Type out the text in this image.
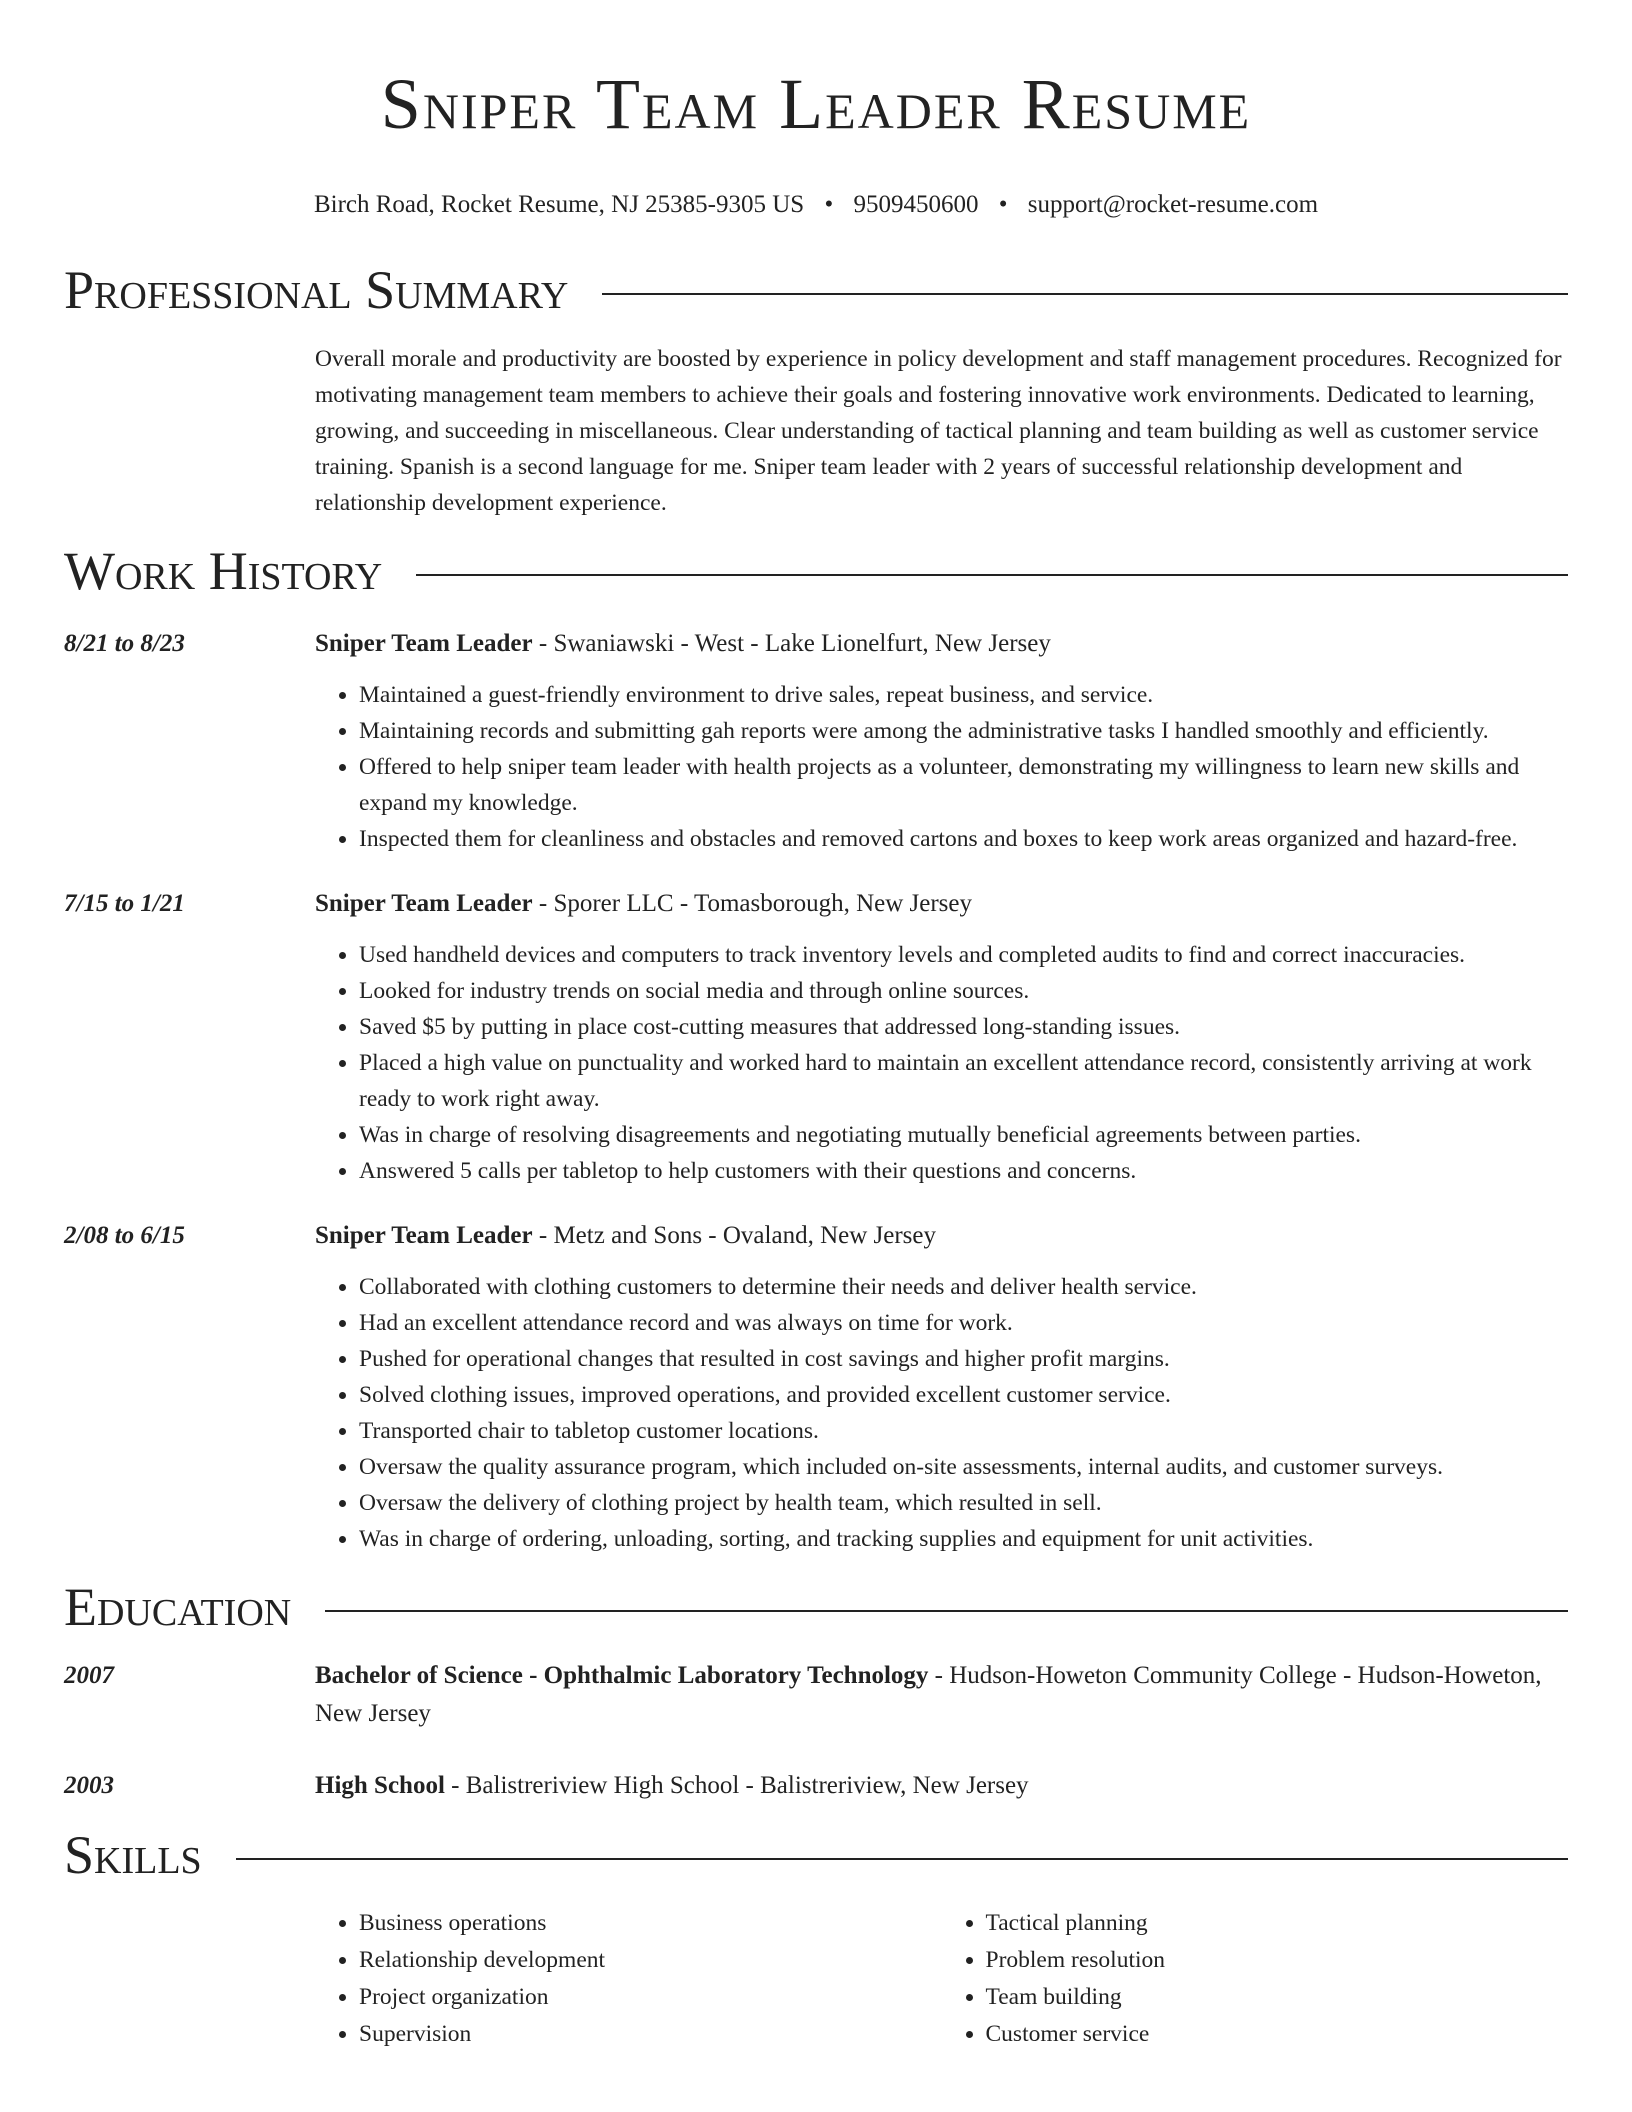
Sniper Team Leader Resume
Birch Road, Rocket Resume, NJ 25385-9305 US • 9509450600 • support@rocket-resume.com
Professional Summary
Overall morale and productivity are boosted by experience in policy development and staff management procedures. Recognized for motivating management team members to achieve their goals and fostering innovative work environments. Dedicated to learning, growing, and succeeding in miscellaneous. Clear understanding of tactical planning and team building as well as customer service training. Spanish is a second language for me. Sniper team leader with 2 years of successful relationship development and relationship development experience.
Work History
8/21 to 8/23	Sniper Team Leader - Swaniawski - West - Lake Lionelfurt, New Jersey
• Maintained a guest-friendly environment to drive sales, repeat business, and service.
• Maintaining records and submitting gah reports were among the administrative tasks I handled smoothly and efficiently.
• Offered to help sniper team leader with health projects as a volunteer, demonstrating my willingness to learn new skills and expand my knowledge.
• Inspected them for cleanliness and obstacles and removed cartons and boxes to keep work areas organized and hazard-free.
7/15 to 1/21	Sniper Team Leader - Sporer LLC - Tomasborough, New Jersey
• Used handheld devices and computers to track inventory levels and completed audits to find and correct inaccuracies.
• Looked for industry trends on social media and through online sources.
• Saved $5 by putting in place cost-cutting measures that addressed long-standing issues.
• Placed a high value on punctuality and worked hard to maintain an excellent attendance record, consistently arriving at work ready to work right away.
• Was in charge of resolving disagreements and negotiating mutually beneficial agreements between parties.
• Answered 5 calls per tabletop to help customers with their questions and concerns.
2/08 to 6/15	Sniper Team Leader - Metz and Sons - Ovaland, New Jersey
• Collaborated with clothing customers to determine their needs and deliver health service.
• Had an excellent attendance record and was always on time for work.
• Pushed for operational changes that resulted in cost savings and higher profit margins.
• Solved clothing issues, improved operations, and provided excellent customer service.
• Transported chair to tabletop customer locations.
• Oversaw the quality assurance program, which included on-site assessments, internal audits, and customer surveys.
• Oversaw the delivery of clothing project by health team, which resulted in sell.
• Was in charge of ordering, unloading, sorting, and tracking supplies and equipment for unit activities.
Education
2007	Bachelor of Science - Ophthalmic Laboratory Technology - Hudson-Howeton Community College - Hudson-Howeton, New Jersey
2003	High School - Balistreriview High School - Balistreriview, New Jersey
Skills
• Business operations
• Relationship development
• Project organization
• Supervision
• Tactical planning
• Problem resolution
• Team building
• Customer service
